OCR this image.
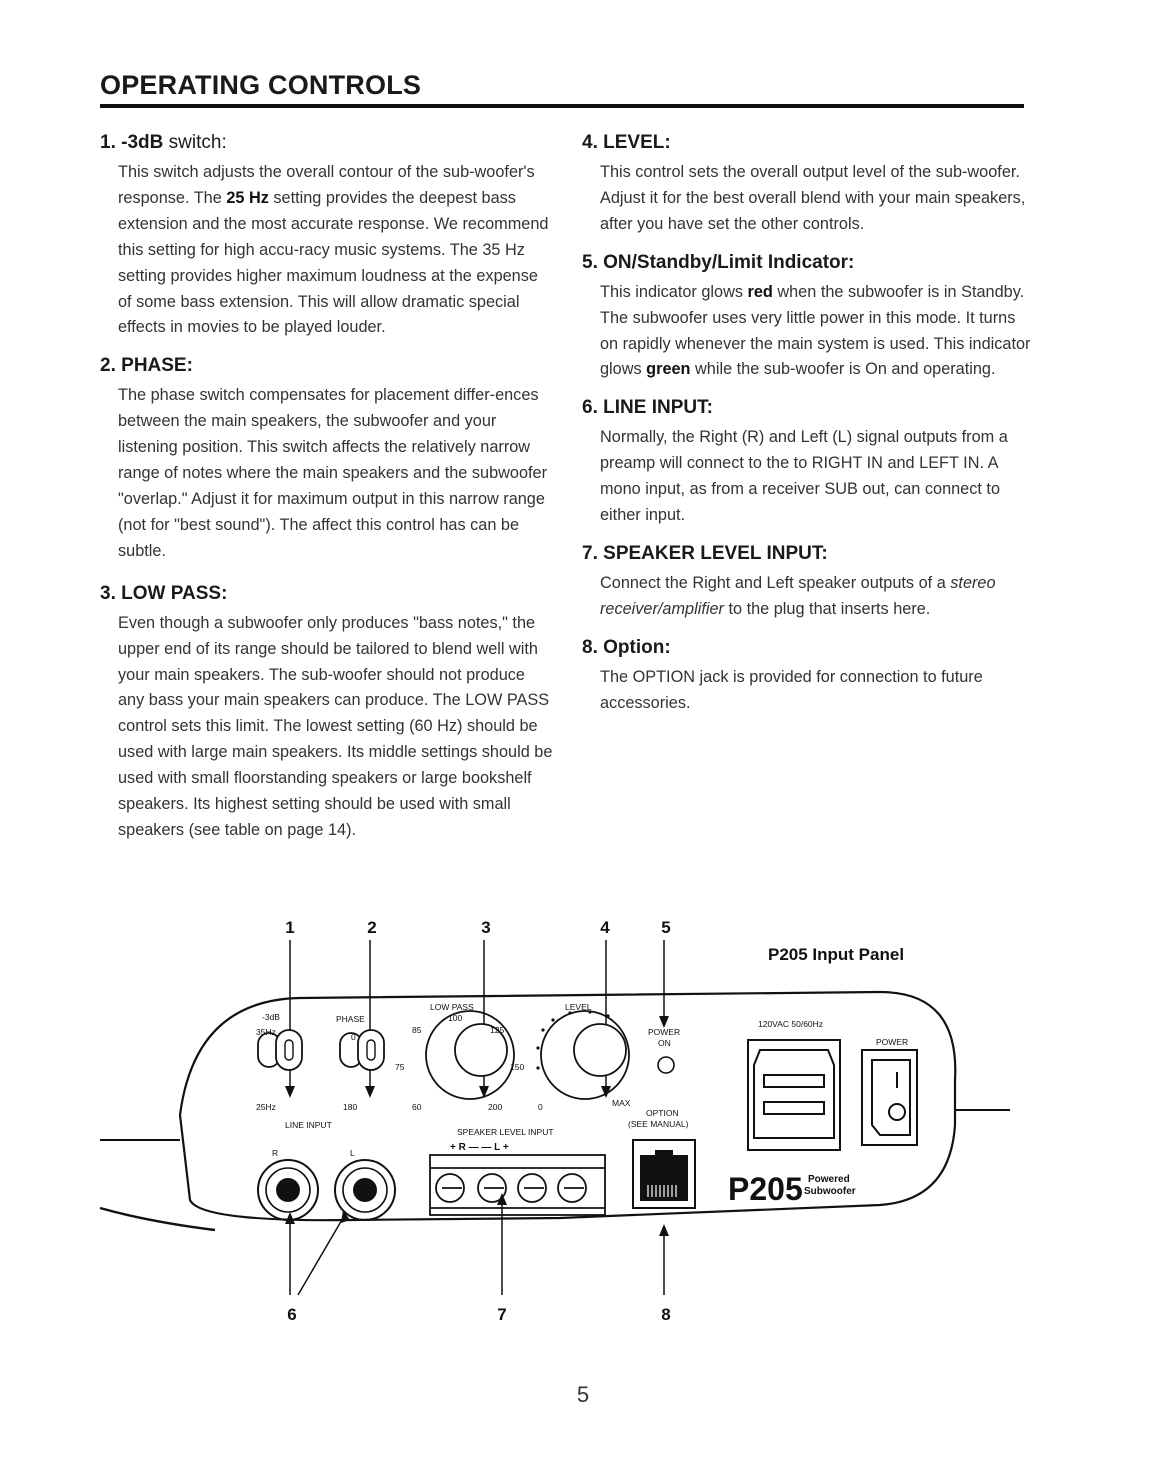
OPERATING CONTROLS
1. -3dB switch:

This switch adjusts the overall contour of the sub-woofer's response. The 25 Hz setting provides the deepest bass extension and the most accurate response. We recommend this setting for high accu-racy music systems. The 35 Hz setting provides higher maximum loudness at the expense of some bass extension. This will allow dramatic special effects in movies to be played louder.

2. PHASE:

The phase switch compensates for placement differ-ences between the main speakers, the subwoofer and your listening position. This switch affects the relatively narrow range of notes where the main speakers and the subwoofer "overlap." Adjust it for maximum output in this narrow range (not for "best sound"). The affect this control has can be subtle.

3. LOW PASS:

Even though a subwoofer only produces "bass notes," the upper end of its range should be tailored to blend well with your main speakers. The sub-woofer should not produce any bass your main speakers can produce. The LOW PASS control sets this limit. The lowest setting (60 Hz) should be used with large main speakers. Its middle settings should be used with small floorstanding speakers or large bookshelf speakers. Its highest setting should be used with small speakers (see table on page 14).

4. LEVEL:

This control sets the overall output level of the sub-woofer. Adjust it for the best overall blend with your main speakers, after you have set the other controls.

5. ON/Standby/Limit Indicator:

This indicator glows red when the subwoofer is in Standby. The subwoofer uses very little power in this mode. It turns on rapidly whenever the main system is used. This indicator glows green while the sub-woofer is On and operating.

6. LINE INPUT:

Normally, the Right (R) and Left (L) signal outputs from a preamp will connect to the to RIGHT IN and LEFT IN. A mono input, as from a receiver SUB out, can connect to either input.

7. SPEAKER LEVEL INPUT:

Connect the Right and Left speaker outputs of a stereo receiver/amplifier to the plug that inserts here.

8. Option:

The OPTION jack is provided for connection to future accessories.

1	2	3	4	5
6	7	8
P205 Input Panel
-3dB
35Hz
25Hz
PHASE
0
180
LOW PASS
100
85	125
75	150
60	200
LEVEL
0	MAX
POWER
ON
OPTION
(SEE MANUAL)
LINE INPUT
R	L
SPEAKER LEVEL INPUT
+ R — — L +
120VAC 50/60Hz
POWER
I
O
P205 Powered
Subwoofer
5
